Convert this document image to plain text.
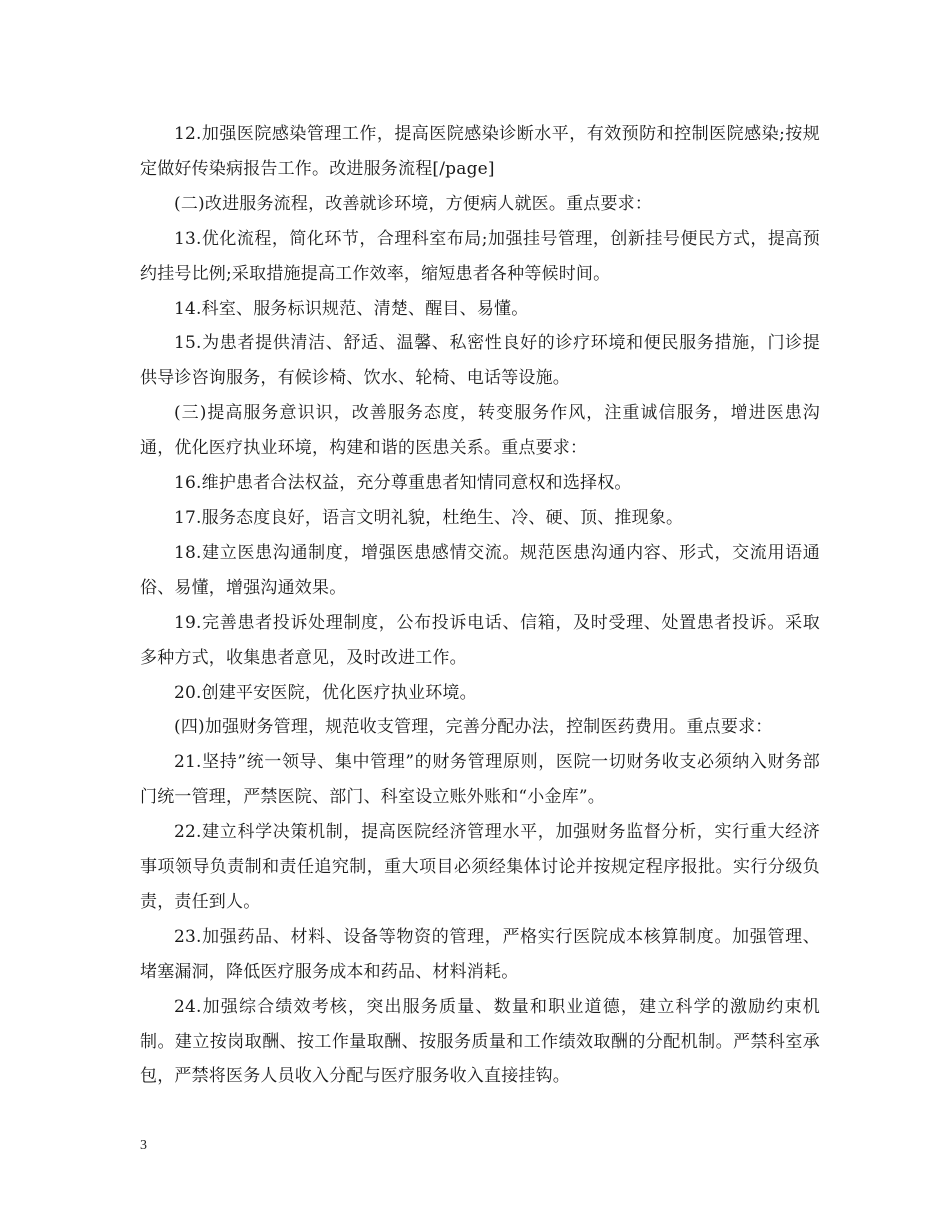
12.加强医院感染管理工作，提高医院感染诊断水平，有效预防和控制医院感染;按规定做好传染病报告工作。改进服务流程[/page]

(二)改进服务流程，改善就诊环境，方便病人就医。重点要求：

13.优化流程，简化环节，合理科室布局;加强挂号管理，创新挂号便民方式，提高预约挂号比例;采取措施提高工作效率，缩短患者各种等候时间。

14.科室、服务标识规范、清楚、醒目、易懂。

15.为患者提供清洁、舒适、温馨、私密性良好的诊疗环境和便民服务措施，门诊提供导诊咨询服务，有候诊椅、饮水、轮椅、电话等设施。

(三)提高服务意识识，改善服务态度，转变服务作风，注重诚信服务，增进医患沟通，优化医疗执业环境，构建和谐的医患关系。重点要求：

16.维护患者合法权益，充分尊重患者知情同意权和选择权。

17.服务态度良好，语言文明礼貌，杜绝生、冷、硬、顶、推现象。

18.建立医患沟通制度，增强医患感情交流。规范医患沟通内容、形式，交流用语通俗、易懂，增强沟通效果。

19.完善患者投诉处理制度，公布投诉电话、信箱，及时受理、处置患者投诉。采取多种方式，收集患者意见，及时改进工作。

20.创建平安医院，优化医疗执业环境。

(四)加强财务管理，规范收支管理，完善分配办法，控制医药费用。重点要求：

21.坚持”统一领导、集中管理”的财务管理原则，医院一切财务收支必须纳入财务部门统一管理，严禁医院、部门、科室设立账外账和“小金库”。

22.建立科学决策机制，提高医院经济管理水平，加强财务监督分析，实行重大经济事项领导负责制和责任追究制，重大项目必须经集体讨论并按规定程序报批。实行分级负责，责任到人。

23.加强药品、材料、设备等物资的管理，严格实行医院成本核算制度。加强管理、堵塞漏洞，降低医疗服务成本和药品、材料消耗。

24.加强综合绩效考核，突出服务质量、数量和职业道德，建立科学的激励约束机制。建立按岗取酬、按工作量取酬、按服务质量和工作绩效取酬的分配机制。严禁科室承包，严禁将医务人员收入分配与医疗服务收入直接挂钩。

3
